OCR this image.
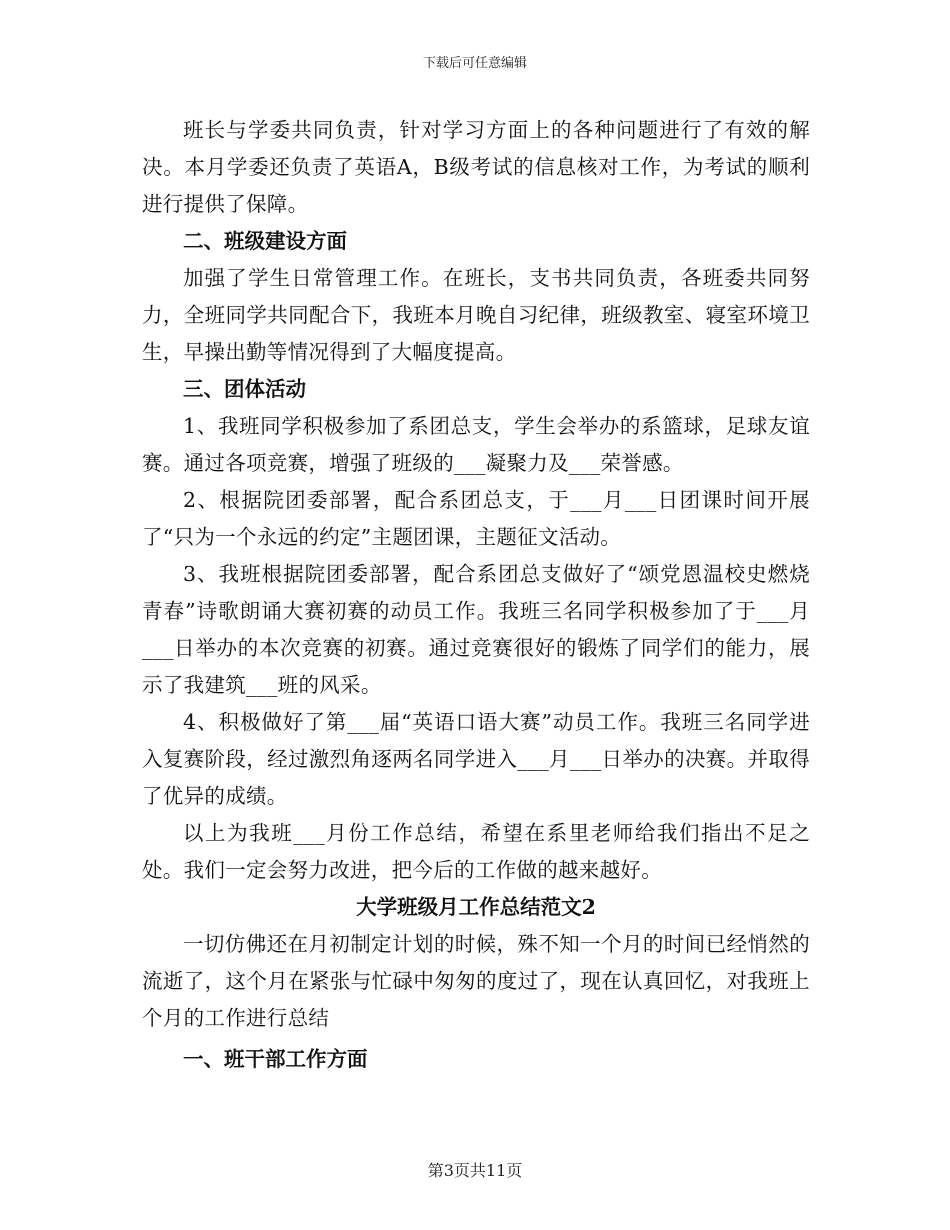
下载后可任意编辑

班长与学委共同负责，针对学习方面上的各种问题进行了有效的解决。本月学委还负责了英语A，B级考试的信息核对工作，为考试的顺利进行提供了保障。

二、班级建设方面

加强了学生日常管理工作。在班长，支书共同负责，各班委共同努力，全班同学共同配合下，我班本月晚自习纪律，班级教室、寝室环境卫生，早操出勤等情况得到了大幅度提高。

三、团体活动

1、我班同学积极参加了系团总支，学生会举办的系篮球，足球友谊赛。通过各项竞赛，增强了班级的___凝聚力及___荣誉感。

2、根据院团委部署，配合系团总支，于___月___日团课时间开展了“只为一个永远的约定”主题团课，主题征文活动。

3、我班根据院团委部署，配合系团总支做好了“颂党恩温校史燃烧青春”诗歌朗诵大赛初赛的动员工作。我班三名同学积极参加了于___月___日举办的本次竞赛的初赛。通过竞赛很好的锻炼了同学们的能力，展示了我建筑___班的风采。

4、积极做好了第___届“英语口语大赛”动员工作。我班三名同学进入复赛阶段，经过激烈角逐两名同学进入___月___日举办的决赛。并取得了优异的成绩。

以上为我班___月份工作总结，希望在系里老师给我们指出不足之处。我们一定会努力改进，把今后的工作做的越来越好。

大学班级月工作总结范文2

一切仿佛还在月初制定计划的时候，殊不知一个月的时间已经悄然的流逝了，这个月在紧张与忙碌中匆匆的度过了，现在认真回忆，对我班上个月的工作进行总结

一、班干部工作方面

第3页共11页
